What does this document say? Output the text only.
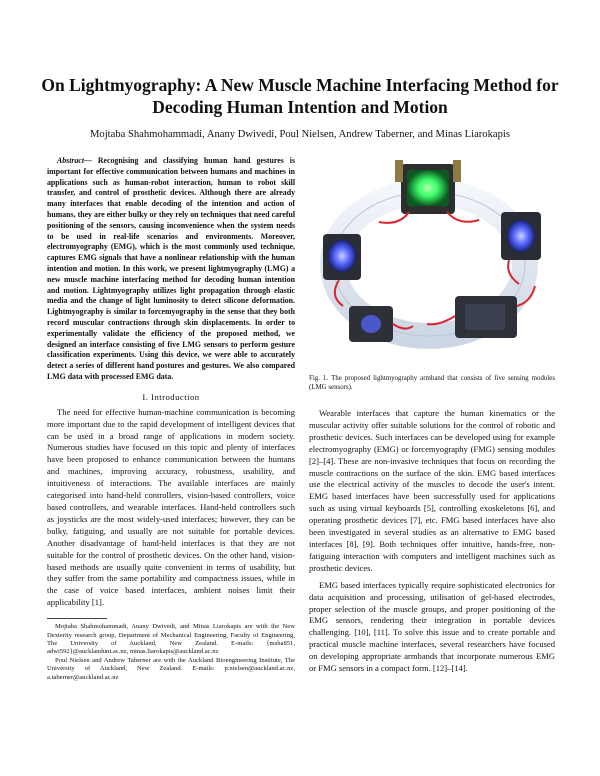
On Lightmyography: A New Muscle Machine Interfacing Method for Decoding Human Intention and Motion
Mojtaba Shahmohammadi, Anany Dwivedi, Poul Nielsen, Andrew Taberner, and Minas Liarokapis

Abstract— Recognising and classifying human hand gestures is important for effective communication between humans and machines in applications such as human-robot interaction, human to robot skill transfer, and control of prosthetic devices. Although there are already many interfaces that enable decoding of the intention and action of humans, they are either bulky or they rely on techniques that need careful positioning of the sensors, causing inconvenience when the system needs to be used in real-life scenarios and environments. Moreover, electromyography (EMG), which is the most commonly used technique, captures EMG signals that have a nonlinear relationship with the human intention and motion. In this work, we present lightmyography (LMG) a new muscle machine interfacing method for decoding human intention and motion. Lightmyography utilizes light propagation through elastic media and the change of light luminosity to detect silicone deformation. Lightmyography is similar to forcemyography in the sense that they both record muscular contractions through skin displacements. In order to experimentally validate the efficiency of the proposed method, we designed an interface consisting of five LMG sensors to perform gesture classification experiments. Using this device, we were able to accurately detect a series of different hand postures and gestures. We also compared LMG data with processed EMG data.

I. Introduction

The need for effective human-machine communication is becoming more important due to the rapid development of intelligent devices that can be used in a broad range of applications in modern society. Numerous studies have focused on this topic and plenty of interfaces have been proposed to enhance communication between the humans and machines, improving accuracy, robustness, usability, and intuitiveness of interactions. The available interfaces are mainly categorised into hand-held controllers, vision-based controllers, voice based controllers, and wearable interfaces. Hand-held controllers such as joysticks are the most widely-used interfaces; however, they can be bulky, fatiguing, and usually are not suitable for portable devices. Another disadvantage of hand-held interfaces is that they are not suitable for the control of prosthetic devices. On the other hand, vision-based methods are usually quite convenient in terms of usability, but they suffer from the same portability and compactness issues, while in the case of voice based interfaces, ambient noises limit their applicability [1].

Mojtaba Shahmohammadi, Anany Dwivedi, and Minas Liarokapis are with the New Dexterity research group, Department of Mechanical Engineering, Faculty of Engineering, The University of Auckland, New Zealand. E-mails: {msha851, adwi592}@aucklanduni.ac.nz, minas.liarokapis@auckland.ac.nz

Poul Nielsen and Andrew Taberner are with the Auckland Bioengineering Institute, The University of Auckland, New Zealand. E-mails: p.nielsen@auckland.ac.nz, a.taberner@auckland.ac.nz

Fig. 1. The proposed lightmyography armband that consists of five sensing modules (LMG sensors).

Wearable interfaces that capture the human kinematics or the muscular activity offer suitable solutions for the control of robotic and prosthetic devices. Such interfaces can be developed using for example electromyography (EMG) or forcemyography (FMG) sensing modules [2]–[4]. These are non-invasive techniques that focus on recording the muscle contractions on the surface of the skin. EMG based interfaces use the electrical activity of the muscles to decode the user's intent. EMG based interfaces have been successfully used for applications such as using virtual keyboards [5], controlling exoskeletons [6], and operating prosthetic devices [7], etc. FMG based interfaces have also been investigated in several studies as an alternative to EMG based interfaces [8], [9]. Both techniques offer intuitive, hands-free, non-fatiguing interaction with computers and intelligent machines such as prosthetic devices.

EMG based interfaces typically require sophisticated electronics for data acquisition and processing, utilisation of gel-based electrodes, proper selection of the muscle groups, and proper positioning of the EMG sensors, rendering their integration in portable devices challenging. [10], [11]. To solve this issue and to create portable and practical muscle machine interfaces, several researchers have focused on developing appropriate armbands that incorporate numerous EMG or FMG sensors in a compact form. [12]–[14].
